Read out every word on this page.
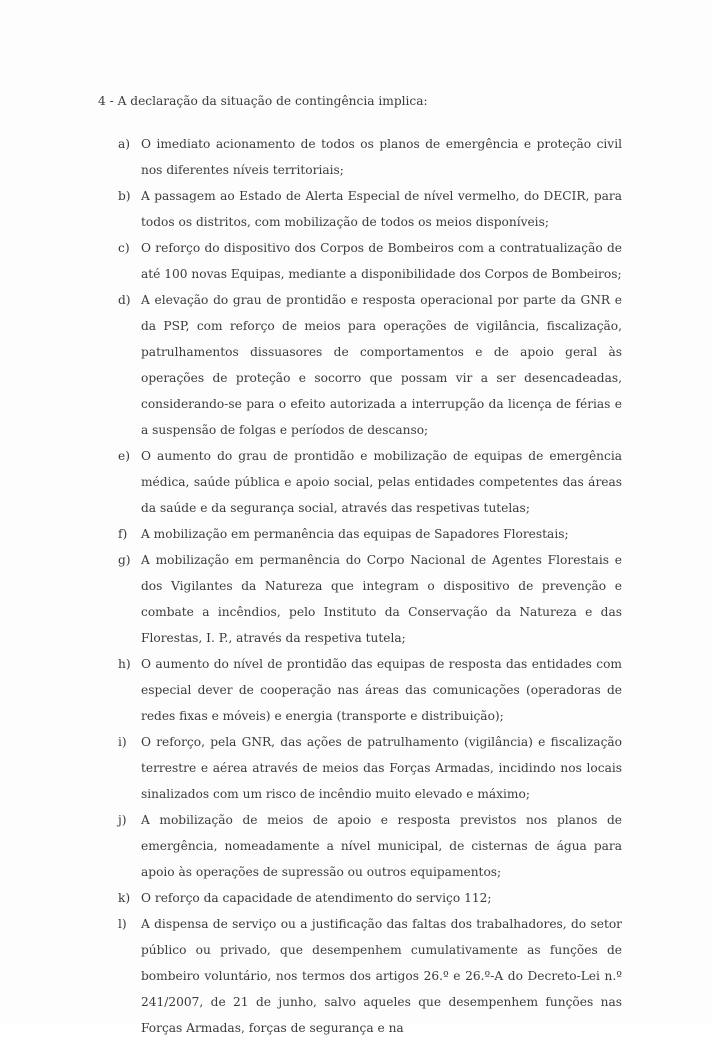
4 - A declaração da situação de contingência implica:

a) O imediato acionamento de todos os planos de emergência e proteção civil nos diferentes níveis territoriais;
b) A passagem ao Estado de Alerta Especial de nível vermelho, do DECIR, para todos os distritos, com mobilização de todos os meios disponíveis;
c) O reforço do dispositivo dos Corpos de Bombeiros com a contratualização de até 100 novas Equipas, mediante a disponibilidade dos Corpos de Bombeiros;
d) A elevação do grau de prontidão e resposta operacional por parte da GNR e da PSP, com reforço de meios para operações de vigilância, fiscalização, patrulhamentos dissuasores de comportamentos e de apoio geral às operações de proteção e socorro que possam vir a ser desencadeadas, considerando-se para o efeito autorizada a interrupção da licença de férias e a suspensão de folgas e períodos de descanso;
e) O aumento do grau de prontidão e mobilização de equipas de emergência médica, saúde pública e apoio social, pelas entidades competentes das áreas da saúde e da segurança social, através das respetivas tutelas;
f)	A mobilização em permanência das equipas de Sapadores Florestais;
g) A mobilização em permanência do Corpo Nacional de Agentes Florestais e dos Vigilantes da Natureza que integram o dispositivo de prevenção e combate a incêndios, pelo Instituto da Conservação da Natureza e das Florestas, I. P., através da respetiva tutela;
h) O aumento do nível de prontidão das equipas de resposta das entidades com especial dever de cooperação nas áreas das comunicações (operadoras de redes fixas e móveis) e energia (transporte e distribuição);
i)	O reforço, pela GNR, das ações de patrulhamento (vigilância) e fiscalização terrestre e aérea através de meios das Forças Armadas, incidindo nos locais sinalizados com um risco de incêndio muito elevado e máximo;
j)	A mobilização de meios de apoio e resposta previstos nos planos de emergência, nomeadamente a nível municipal, de cisternas de água para apoio às operações de supressão ou outros equipamentos;
k) O reforço da capacidade de atendimento do serviço 112;
l)	A dispensa de serviço ou a justificação das faltas dos trabalhadores, do setor público ou privado, que desempenhem cumulativamente as funções de bombeiro voluntário, nos termos dos artigos 26.º e 26.º-A do Decreto-Lei n.º 241/2007, de 21 de junho, salvo aqueles que desempenhem funções nas Forças Armadas, forças de segurança e na
